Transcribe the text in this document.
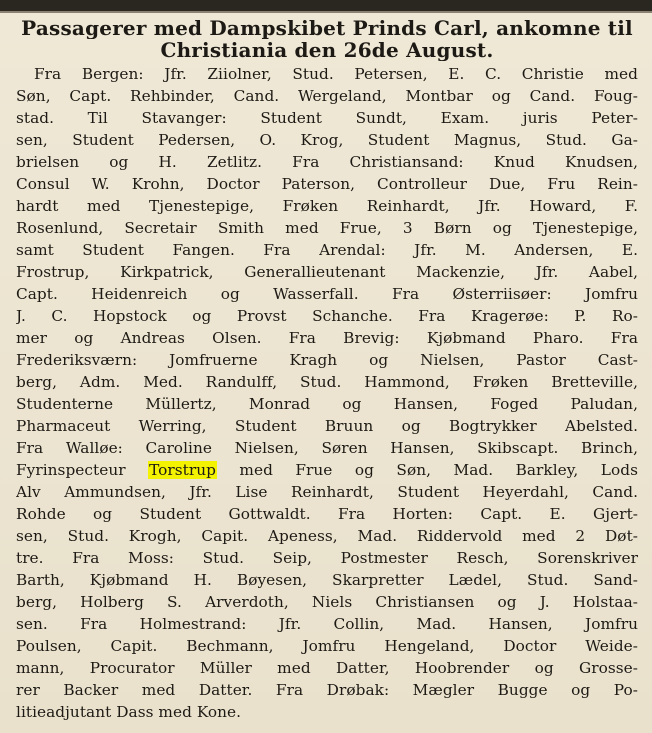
Passagerer med Dampskibet Prinds Carl, ankomne til
Christiania den 26de August.
Fra Bergen: Jfr. Ziiolner, Stud. Petersen, E. C. Christie med
Søn, Capt. Rehbinder, Cand. Wergeland, Montbar og Cand. Foug-
stad. Til Stavanger: Student Sundt, Exam. juris Peter-
sen, Student Pedersen, O. Krog, Student Magnus, Stud. Ga-
brielsen og H. Zetlitz. Fra Christiansand: Knud Knudsen,
Consul W. Krohn, Doctor Paterson, Controlleur Due, Fru Rein-
hardt med Tjenestepige, Frøken Reinhardt, Jfr. Howard, F.
Rosenlund, Secretair Smith med Frue, 3 Børn og Tjenestepige,
samt Student Fangen. Fra Arendal: Jfr. M. Andersen, E.
Frostrup, Kirkpatrick, Generallieutenant Mackenzie, Jfr. Aabel,
Capt. Heidenreich og Wasserfall. Fra Østerriisøer: Jomfru
J. C. Hopstock og Provst Schanche. Fra Kragerøe: P. Ro-
mer og Andreas Olsen. Fra Brevig: Kjøbmand Pharo. Fra
Frederiksværn: Jomfruerne Kragh og Nielsen, Pastor Cast-
berg, Adm. Med. Randulff, Stud. Hammond, Frøken Bretteville,
Studenterne Müllertz, Monrad og Hansen, Foged Paludan,
Pharmaceut Werring, Student Bruun og Bogtrykker Abelsted.
Fra Walløe: Caroline Nielsen, Søren Hansen, Skibscapt. Brinch,
Fyrinspecteur Torstrup med Frue og Søn, Mad. Barkley, Lods
Alv Ammundsen, Jfr. Lise Reinhardt, Student Heyerdahl, Cand.
Rohde og Student Gottwaldt. Fra Horten: Capt. E. Gjert-
sen, Stud. Krogh, Capit. Apeness, Mad. Riddervold med 2 Døt-
tre. Fra Moss: Stud. Seip, Postmester Resch, Sorenskriver
Barth, Kjøbmand H. Bøyesen, Skarpretter Lædel, Stud. Sand-
berg, Holberg S. Arverdoth, Niels Christiansen og J. Holstaa-
sen. Fra Holmestrand: Jfr. Collin, Mad. Hansen, Jomfru
Poulsen, Capit. Bechmann, Jomfru Hengeland, Doctor Weide-
mann, Procurator Müller med Datter, Hoobrender og Grosse-
rer Backer med Datter. Fra Drøbak: Mægler Bugge og Po-
litieadjutant Dass med Kone.
